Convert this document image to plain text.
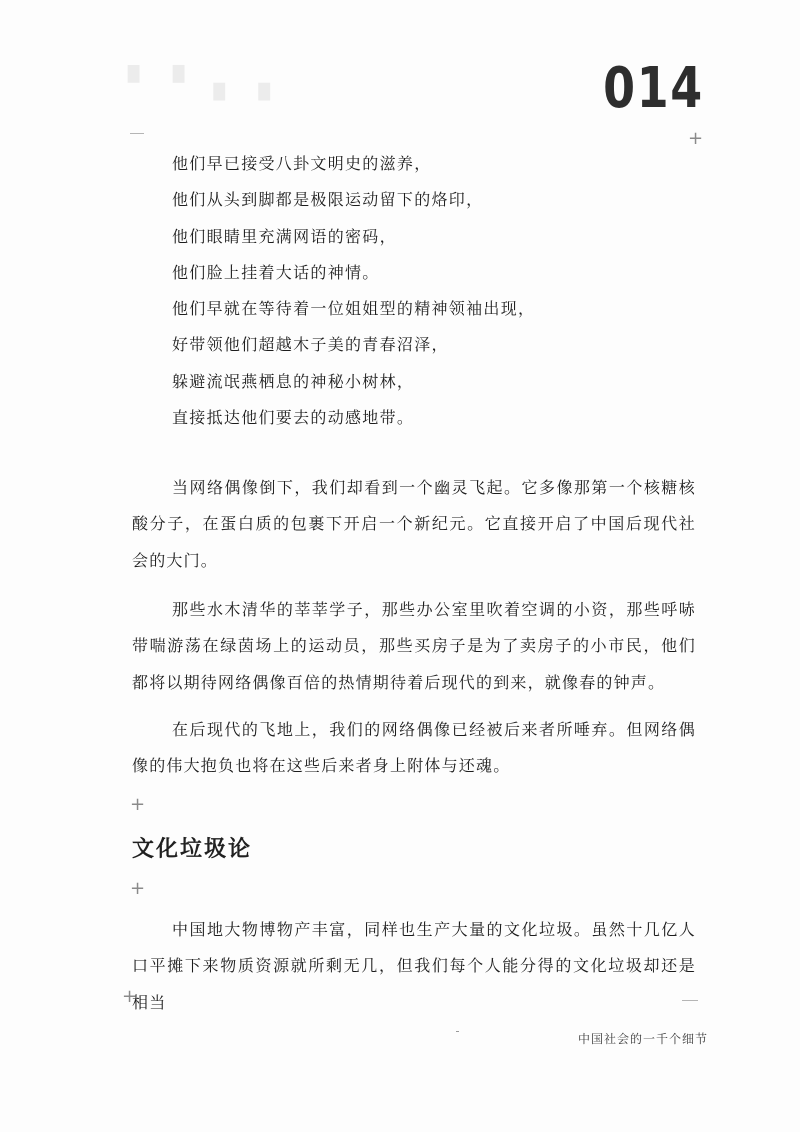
▘▝ ▖▗	014
+
+
+
+
他们早已接受八卦文明史的滋养，
他们从头到脚都是极限运动留下的烙印，
他们眼睛里充满网语的密码，
他们脸上挂着大话的神情。
他们早就在等待着一位姐姐型的精神领袖出现，
好带领他们超越木子美的青春沼泽，
躲避流氓燕栖息的神秘小树林，
直接抵达他们要去的动感地带。

当网络偶像倒下，我们却看到一个幽灵飞起。它多像那第一个核糖核酸分子，在蛋白质的包裹下开启一个新纪元。它直接开启了中国后现代社会的大门。

那些水木清华的莘莘学子，那些办公室里吹着空调的小资，那些呼哧带喘游荡在绿茵场上的运动员，那些买房子是为了卖房子的小市民，他们都将以期待网络偶像百倍的热情期待着后现代的到来，就像春的钟声。

在后现代的飞地上，我们的网络偶像已经被后来者所唾弃。但网络偶像的伟大抱负也将在这些后来者身上附体与还魂。

文化垃圾论

中国地大物博物产丰富，同样也生产大量的文化垃圾。虽然十几亿人口平摊下来物质资源就所剩无几，但我们每个人能分得的文化垃圾却还是相当

中国社会的一千个细节
